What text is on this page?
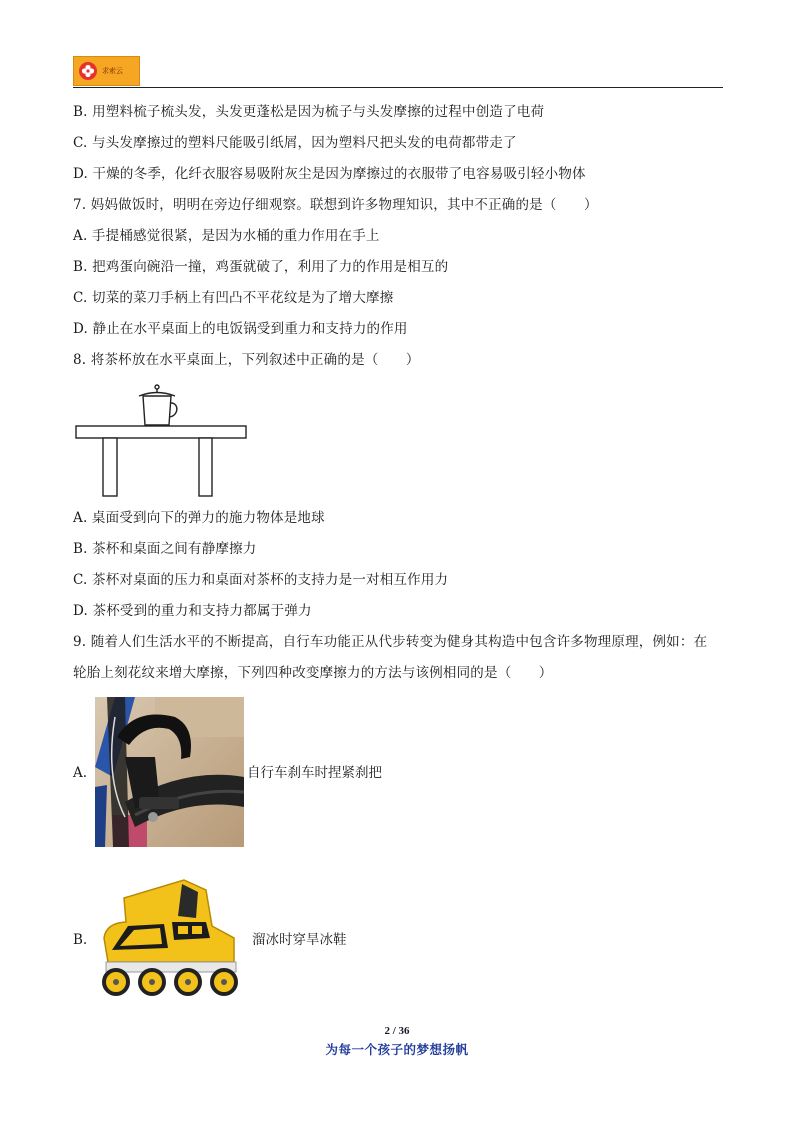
求索云
B. 用塑料梳子梳头发，头发更蓬松是因为梳子与头发摩擦的过程中创造了电荷
C. 与头发摩擦过的塑料尺能吸引纸屑，因为塑料尺把头发的电荷都带走了
D. 干燥的冬季，化纤衣服容易吸附灰尘是因为摩擦过的衣服带了电容易吸引轻小物体
7. 妈妈做饭时，明明在旁边仔细观察。联想到许多物理知识，其中不正确的是（　　）
A. 手提桶感觉很紧，是因为水桶的重力作用在手上
B. 把鸡蛋向碗沿一撞，鸡蛋就破了，利用了力的作用是相互的
C. 切菜的菜刀手柄上有凹凸不平花纹是为了增大摩擦
D. 静止在水平桌面上的电饭锅受到重力和支持力的作用
8. 将茶杯放在水平桌面上，下列叙述中正确的是（　　）
A. 桌面受到向下的弹力的施力物体是地球
B. 茶杯和桌面之间有静摩擦力
C. 茶杯对桌面的压力和桌面对茶杯的支持力是一对相互作用力
D. 茶杯受到的重力和支持力都属于弹力
9. 随着人们生活水平的不断提高，自行车功能正从代步转变为健身其构造中包含许多物理原理，例如：在
轮胎上刻花纹来增大摩擦，下列四种改变摩擦力的方法与该例相同的是（　　）
A.	自行车刹车时捏紧刹把
B.	溜冰时穿旱冰鞋
2 / 36
为每一个孩子的梦想扬帆
